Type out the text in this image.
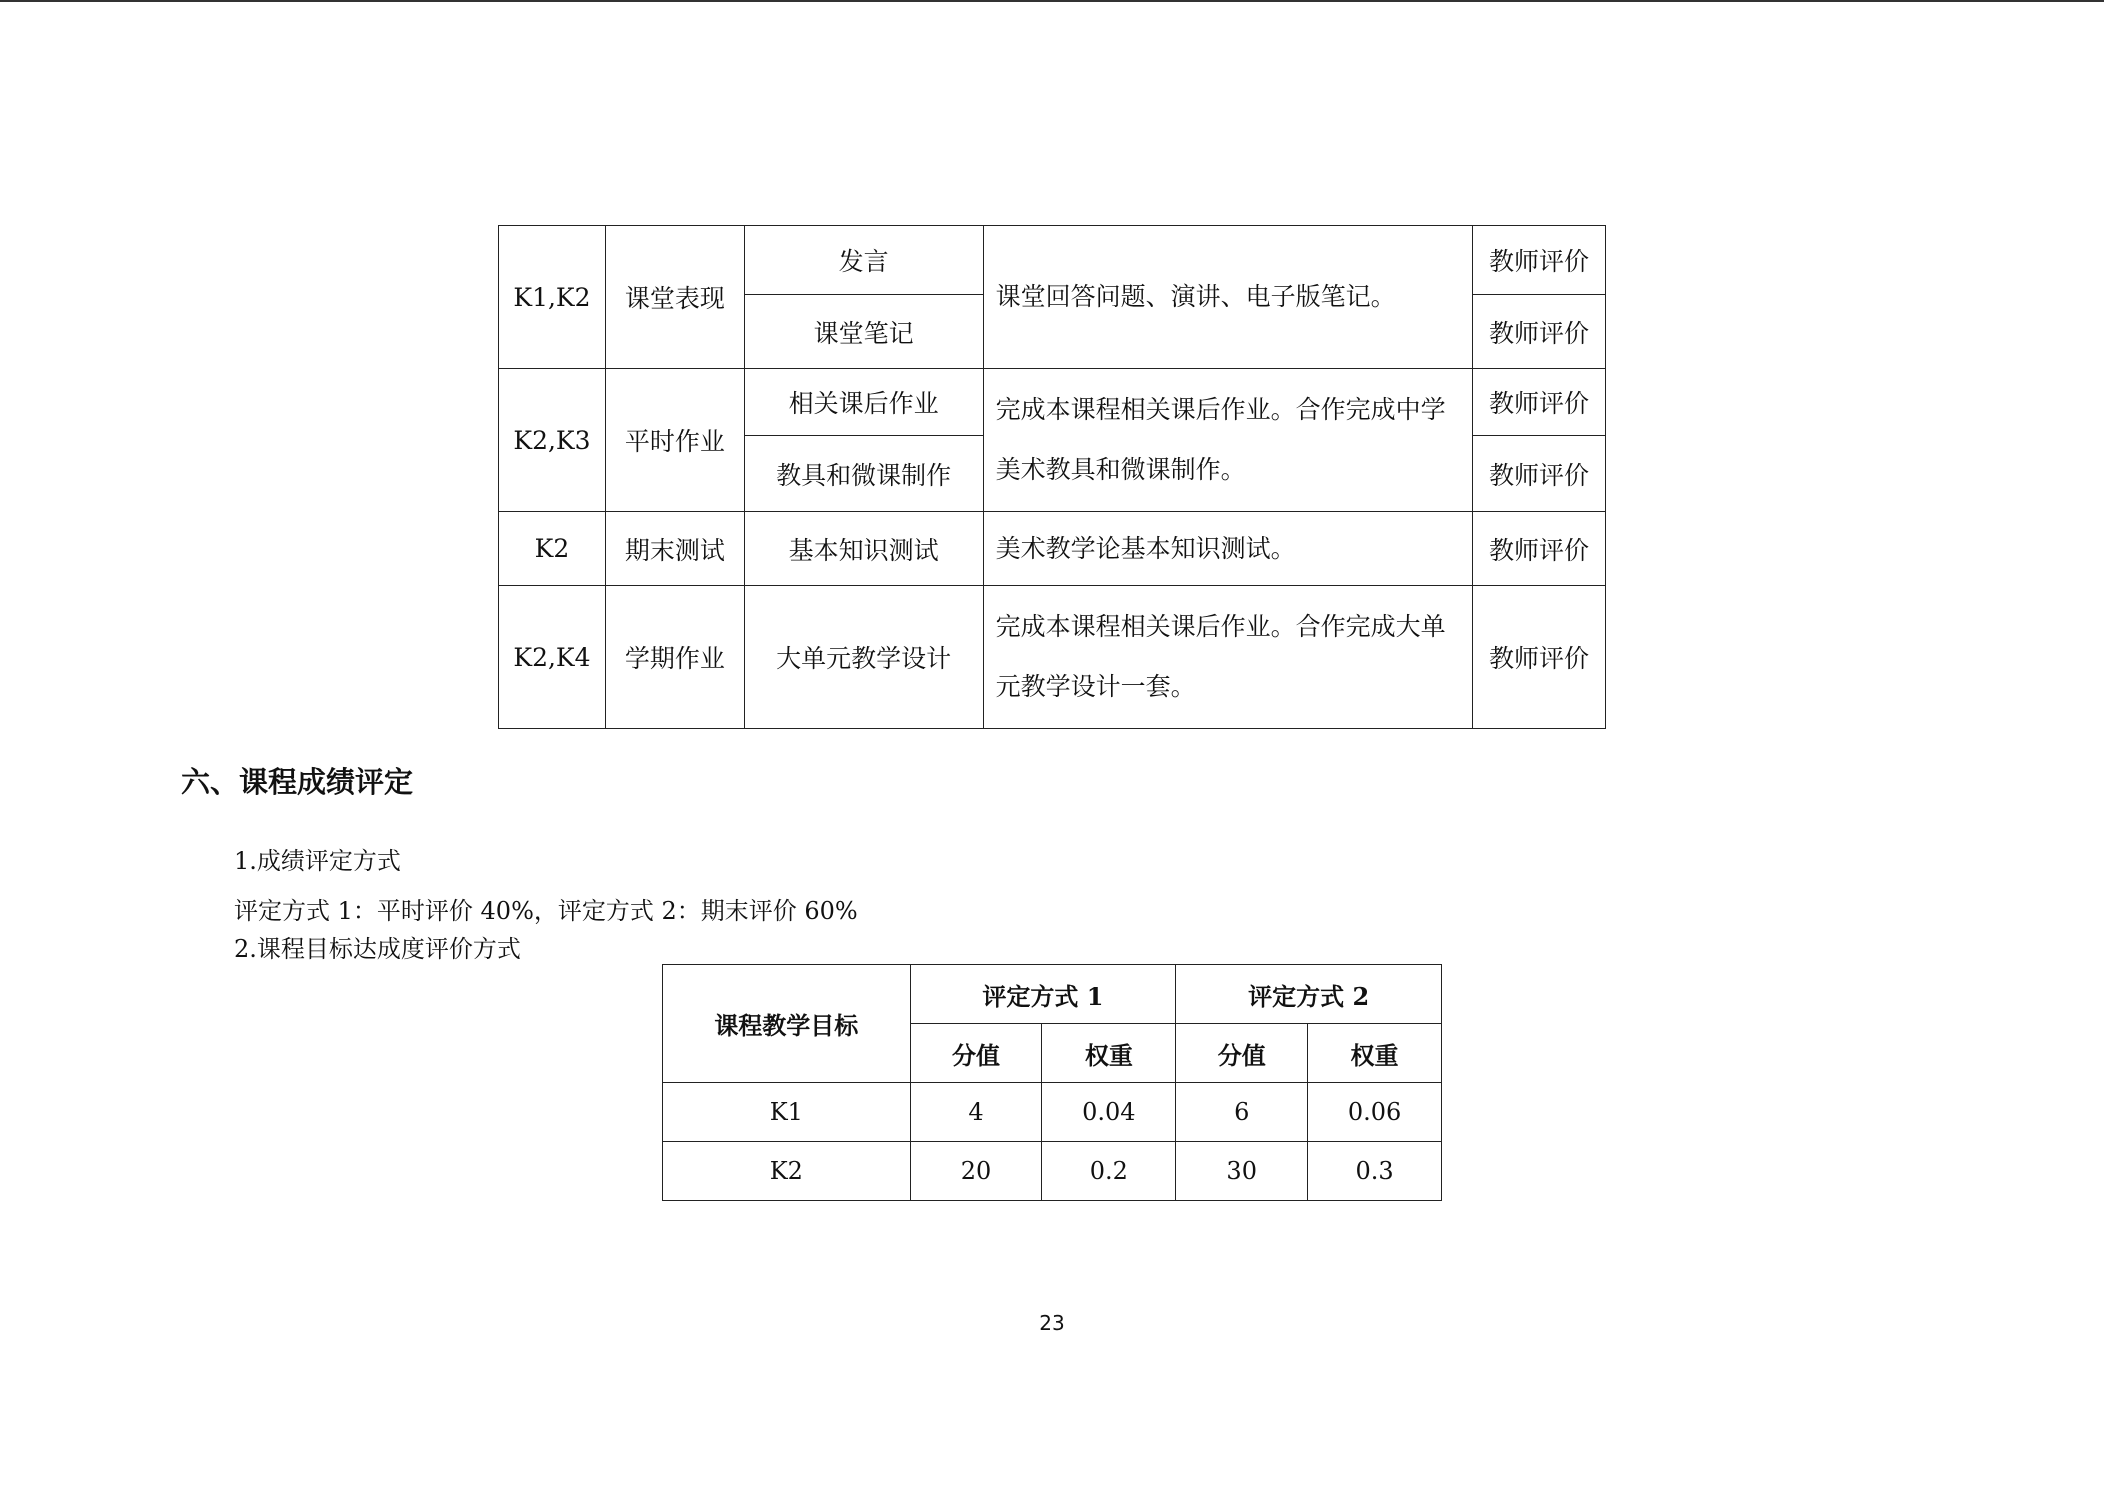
K1,K2	课堂表现	发言	课堂回答问题、演讲、电子版笔记。	教师评价
		课堂笔记		教师评价
K2,K3	平时作业	相关课后作业	完成本课程相关课后作业。合作完成中学美术教具和微课制作。	教师评价
		教具和微课制作		教师评价
K2	期末测试	基本知识测试	美术教学论基本知识测试。	教师评价
K2,K4	学期作业	大单元教学设计	完成本课程相关课后作业。合作完成大单元教学设计一套。	教师评价
六、课程成绩评定
1.成绩评定方式
评定方式 1：平时评价 40%，评定方式 2：期末评价 60%
2.课程目标达成度评价方式
课程教学目标	评定方式 1		评定方式 2	
	分值	权重	分值	权重
K1	4	0.04	6	0.06
K2	20	0.2	30	0.3
23
